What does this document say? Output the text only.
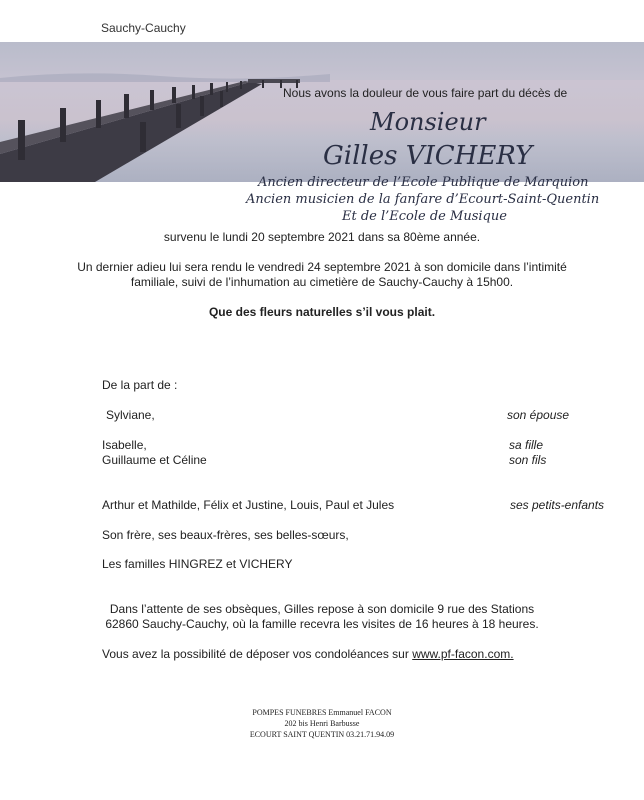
Sauchy-Cauchy
Nous avons la douleur de vous faire part du décès de
Monsieur
Gilles VICHERY
Ancien directeur de l’Ecole Publique de Marquion
Ancien musicien de la fanfare d’Ecourt-Saint-Quentin
Et de l’Ecole de Musique
survenu le lundi 20 septembre 2021 dans sa 80ème année.
Un dernier adieu lui sera rendu le vendredi 24 septembre 2021 à son domicile dans l’intimité
familiale, suivi de l’inhumation au cimetière de Sauchy-Cauchy à 15h00.
Que des fleurs naturelles s’il vous plait.
De la part de :
Sylviane,	son épouse
Isabelle,	sa fille
Guillaume et Céline	son fils
Arthur et Mathilde, Félix et Justine, Louis, Paul et Jules	ses petits-enfants
Son frère, ses beaux-frères, ses belles-sœurs,
Les familles HINGREZ et VICHERY
Dans l’attente de ses obsèques, Gilles repose à son domicile 9 rue des Stations
62860 Sauchy-Cauchy, où la famille recevra les visites de 16 heures à 18 heures.
Vous avez la possibilité de déposer vos condoléances sur www.pf-facon.com.
POMPES FUNEBRES Emmanuel FACON
202 bis Henri Barbusse
ECOURT SAINT QUENTIN 03.21.71.94.09
